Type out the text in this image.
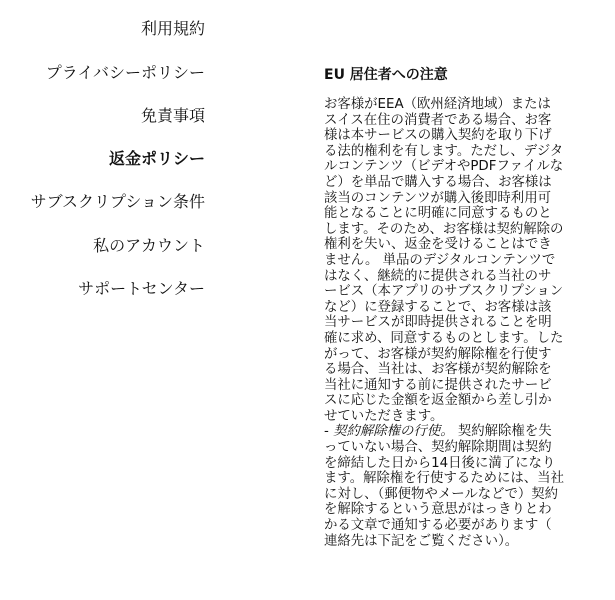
利用規約
プライバシーポリシー
免責事項
返金ポリシー
サブスクリプション条件
私のアカウント
サポートセンター
EU 居住者への注意

お客様がEEA（欧州経済地域）またはスイス在住の消費者である場合、お客様は本サービスの購入契約を取り下げる法的権利を有します。ただし、デジタルコンテンツ（ビデオやPDFファイルなど）を単品で購入する場合、お客様は該当のコンテンツが購入後即時利用可能となることに明確に同意するものとします。そのため、お客様は契約解除の権利を失い、返金を受けることはできません。 単品のデジタルコンテンツではなく、継続的に提供される当社のサービス（本アプリのサブスクリプションなど）に登録することで、お客様は該当サービスが即時提供されることを明確に求め、同意するものとします。したがって、お客様が契約解除権を行使する場合、当社は、お客様が契約解除を当社に通知する前に提供されたサービスに応じた金額を返金額から差し引かせていただきます。

- 契約解除権の行使。 契約解除権を失っていない場合、契約解除期間は契約を締結した日から14日後に満了になります。解除権を行使するためには、当社に対し、（郵便物やメールなどで）契約を解除するという意思がはっきりとわかる文章で通知する必要があります（連絡先は下記をご覧ください）。
